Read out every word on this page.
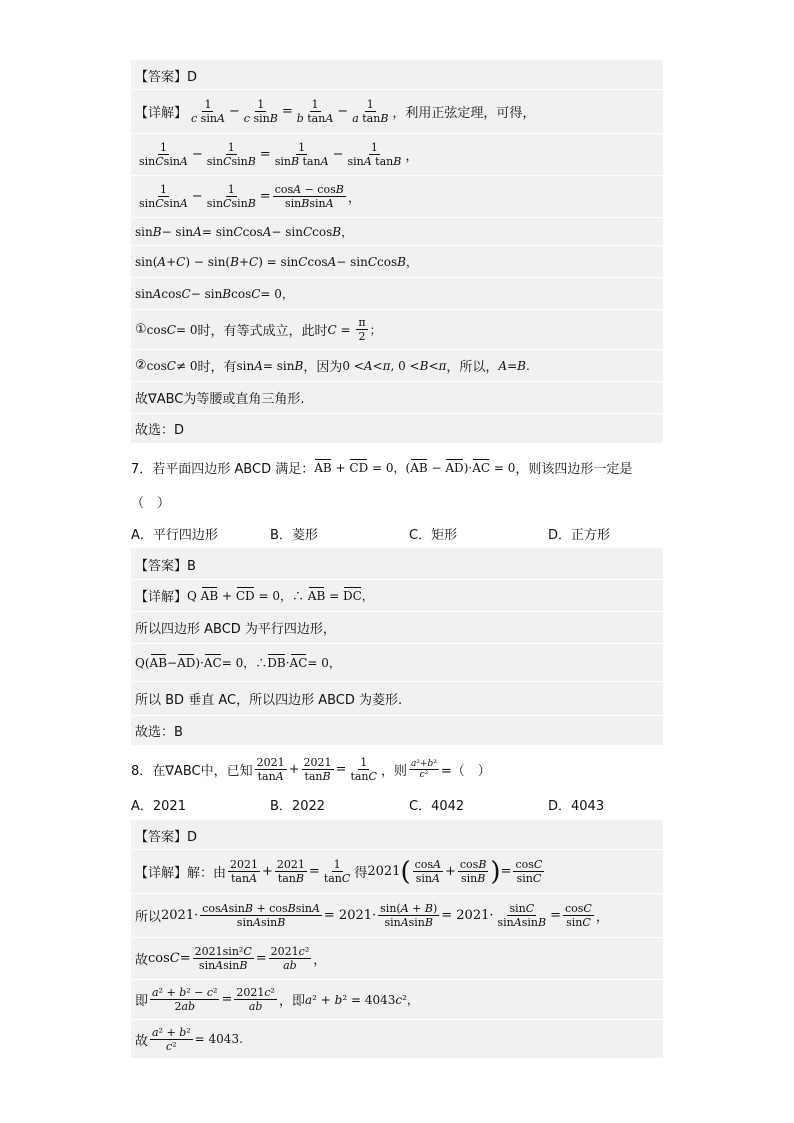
【答案】D
【详解】 $\frac{1}{\text{c sinA}} - \frac{1}{\text{c sinB}} = \frac{1}{\text{b tanA}} - \frac{1}{\text{a tanB}}$ ，利用正弦定理，可得，
$\frac{1}{\text{sinCsinA}} - \frac{1}{\text{sinCsinB}} = \frac{1}{\text{sinB tanA}} - \frac{1}{\text{sinA tanB}}$ ，
$\frac{1}{\text{sinCsinA}} - \frac{1}{\text{sinCsinB}} = \frac{\cos A - \cos B}{\text{sinBsinA}}$ ，
sin B − sin A = sin C cos A − sin C cos B ，
sin( A + C ) − sin( B + C ) = sin C cos A − sin C cos B ，
sin A cos C − sin B cos C = 0，
① cos C = 0 时，有等式成立，此时 $C = \frac{\pi}{2}$ ；
② cos C ≠ 0 时，有 sin A = sin B ，因为 0 < A < π , 0 < B < π ，所以， A = B .
故∇ABC为等腰或直角三角形.
故选：D
7．若平面四边形 ABCD 满足： AB + CD = 0，(AB − AD)·AC = 0 ，则该四边形一定是
（　）
A．平行四边形	B．菱形	C．矩形	D．正方形
【答案】B
【详解】 Q AB + CD = 0，∴ AB = DC，
所以四边形 ABCD 为平行四边形，
Q( AB − AD )· AC = 0，∴ DB · AC = 0，
所以 BD 垂直 AC，所以四边形 ABCD 为菱形.
故选：B
8．在∇ABC中，已知 $\frac{2021}{\tan A} + \frac{2021}{\tan B} = \frac{1}{\tan C}$ ，则 $\frac{\text{a²+b²}}{\text{c²}}$ =（　）
A．2021	B．2022	C．4042	D．4043
【答案】D
【详解】解：由 $\frac{2021}{\tan A} + \frac{2021}{\tan B} = \frac{1}{\tan C}$ 得 2021 ( $\frac{\cos A}{\sin A} + \frac{\cos B}{\sin B}$ ) = $\frac{\cos C}{\sin C}$
所以 $2021\cdot \frac{\text{cosAsinB + cosBsinA}}{\text{sinAsinB}} = 2021\cdot \frac{\sin(A + B)}{\text{sinAsinB}} = 2021\cdot \frac{\sin C}{\text{sinAsinB}} = \frac{\cos C}{\sin C}$ ，
故 $\cos C = \frac{\text{2021sin²C}}{\text{sinAsinB}} = \frac{\text{2021c²}}{ab}$ ，
即 $\frac{\text{a² + b² − c²}}{2ab} = \frac{\text{2021c²}}{ab}$ ，即 a² + b² = 4043c²，
故 $\frac{\text{a² + b²}}{\text{c²}} = 4043$.
